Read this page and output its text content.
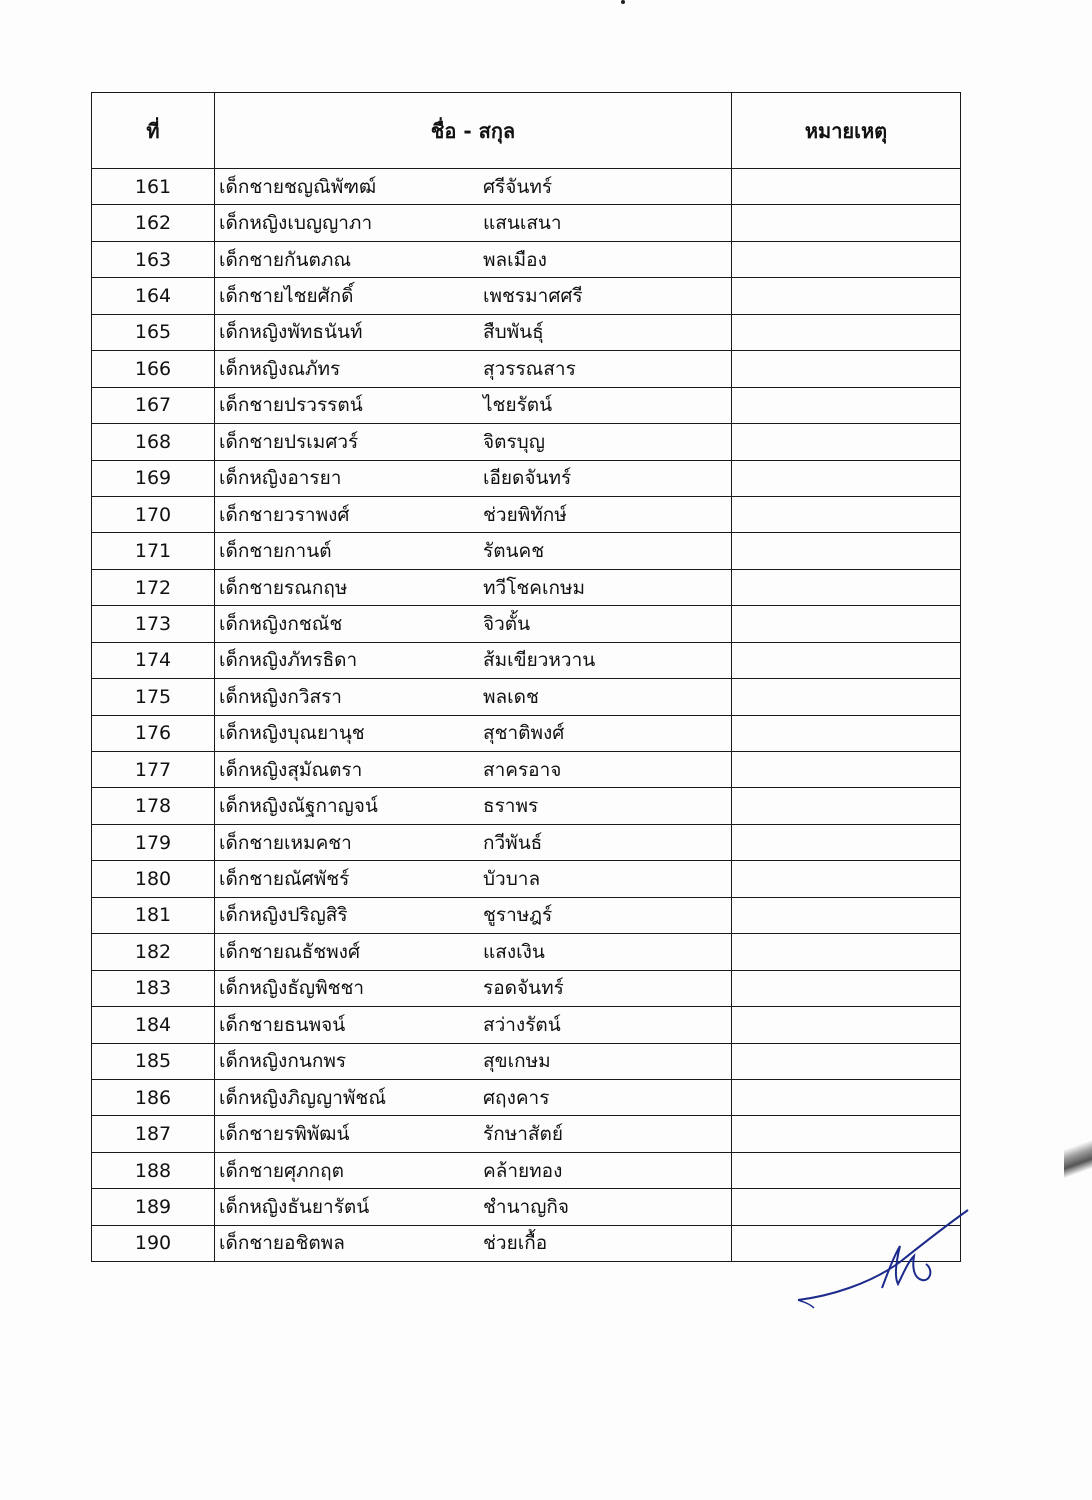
ที่	ชื่อ - สกุล	หมายเหตุ
161	เด็กชายชญณิพัฑฒ์ ศรีจันทร์	

162	เด็กหญิงเบญญาภา แสนเสนา	

163	เด็กชายกันตภณ พลเมือง	

164	เด็กชายไชยศักดิ์ เพชรมาศศรี	

165	เด็กหญิงพัทธนันท์ สืบพันธุ์	

166	เด็กหญิงณภัทร สุวรรณสาร	

167	เด็กชายปรวรรตน์ ไชยรัตน์	

168	เด็กชายปรเมศวร์ จิตรบุญ	

169	เด็กหญิงอารยา เอียดจันทร์	

170	เด็กชายวราพงศ์ ช่วยพิทักษ์	

171	เด็กชายกานต์ รัตนคช	

172	เด็กชายรณกฤษ ทวีโชคเกษม	

173	เด็กหญิงกชณัช จิวตั้น	

174	เด็กหญิงภัทรธิดา ส้มเขียวหวาน	

175	เด็กหญิงกวิสรา พลเดช	

176	เด็กหญิงบุณยานุช สุชาติพงศ์	

177	เด็กหญิงสุมัณตรา สาครอาจ	

178	เด็กหญิงณัฐกาญจน์ ธราพร	

179	เด็กชายเหมคชา กวีพันธ์	

180	เด็กชายณัศพัชร์ บัวบาล	

181	เด็กหญิงปริญสิริ ชูราษฎร์	

182	เด็กชายณธัชพงศ์ แสงเงิน	

183	เด็กหญิงธัญพิชชา รอดจันทร์	

184	เด็กชายธนพจน์ สว่างรัตน์	

185	เด็กหญิงกนกพร สุขเกษม	

186	เด็กหญิงภิญญาพัชณ์ ศฤงคาร	

187	เด็กชายรพิพัฒน์ รักษาสัตย์	

188	เด็กชายศุภกฤต คล้ายทอง	

189	เด็กหญิงธันยารัตน์ ชำนาญกิจ	

190	เด็กชายอชิตพล ช่วยเกื้อ	
